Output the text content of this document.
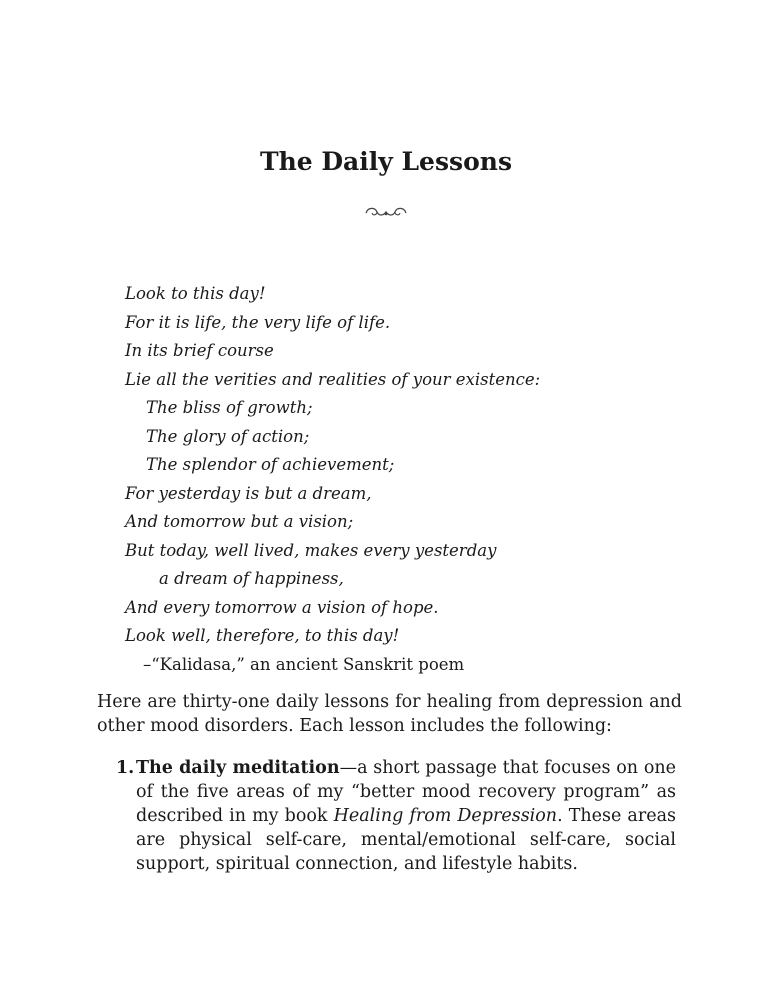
The Daily Lessons
Look to this day!
For it is life, the very life of life.
In its brief course
Lie all the verities and realities of your existence:
The bliss of growth;
The glory of action;
The splendor of achievement;
For yesterday is but a dream,
And tomorrow but a vision;
But today, well lived, makes every yesterday
a dream of happiness,
And every tomorrow a vision of hope.
Look well, therefore, to this day!
–“Kalidasa,” an ancient Sanskrit poem

Here are thirty-one daily lessons for healing from depression and other mood disorders. Each lesson includes the following:

1. The daily meditation—a short passage that focuses on one of the five areas of my “better mood recovery program” as described in my book Healing from Depression. These areas are physical self-care, mental/emotional self-care, social support, spiritual connection, and lifestyle habits.
